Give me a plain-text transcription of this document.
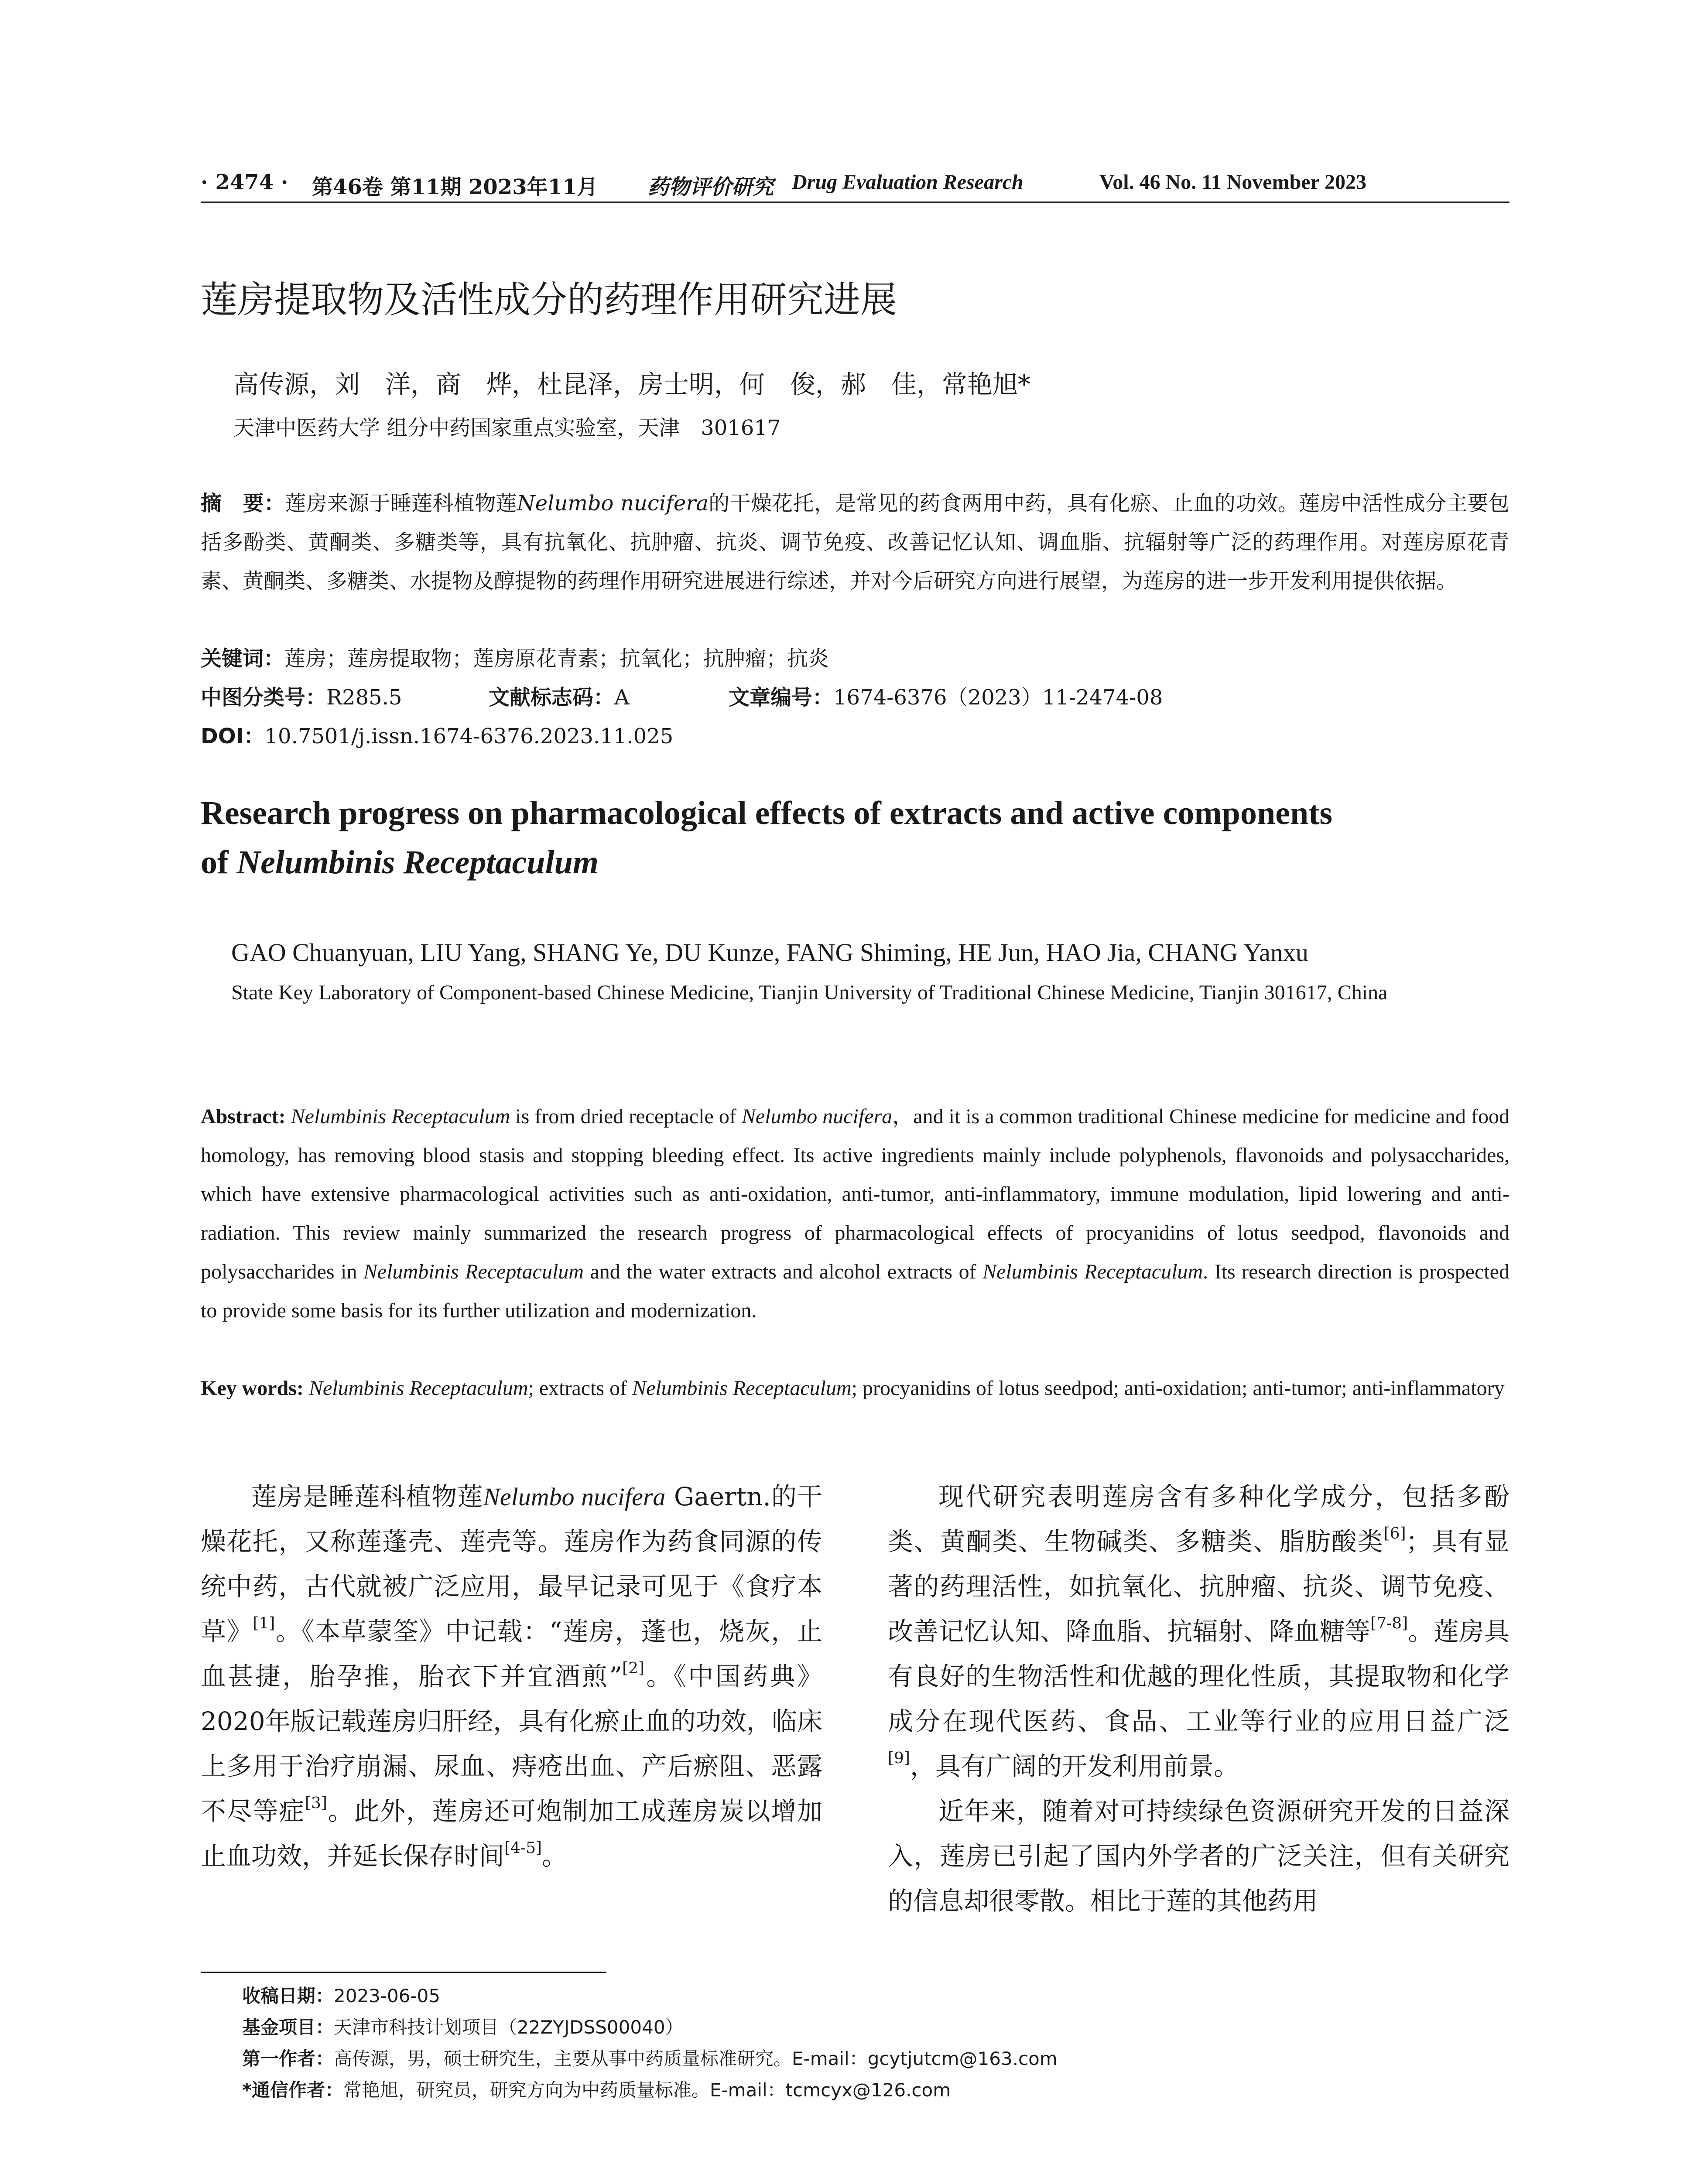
· 2474 · 第46卷 第11期 2023年11月 药物评价研究 Drug Evaluation Research	Vol. 46 No. 11 November 2023
莲房提取物及活性成分的药理作用研究进展
高传源，刘　洋，商　烨，杜昆泽，房士明，何　俊，郝　佳，常艳旭*
天津中医药大学 组分中药国家重点实验室，天津　301617
摘　要：莲房来源于睡莲科植物莲Nelumbo nucifera的干燥花托，是常见的药食两用中药，具有化瘀、止血的功效。莲房中活性成分主要包括多酚类、黄酮类、多糖类等，具有抗氧化、抗肿瘤、抗炎、调节免疫、改善记忆认知、调血脂、抗辐射等广泛的药理作用。对莲房原花青素、黄酮类、多糖类、水提物及醇提物的药理作用研究进展进行综述，并对今后研究方向进行展望，为莲房的进一步开发利用提供依据。
关键词：莲房；莲房提取物；莲房原花青素；抗氧化；抗肿瘤；抗炎
中图分类号：R285.5	文献标志码：A	文章编号：1674-6376（2023）11-2474-08
DOI：10.7501/j.issn.1674-6376.2023.11.025
Research progress on pharmacological effects of extracts and active components
of Nelumbinis Receptaculum
GAO Chuanyuan, LIU Yang, SHANG Ye, DU Kunze, FANG Shiming, HE Jun, HAO Jia, CHANG Yanxu
State Key Laboratory of Component-based Chinese Medicine, Tianjin University of Traditional Chinese Medicine, Tianjin 301617, China
Abstract: Nelumbinis Receptaculum is from dried receptacle of Nelumbo nucifera，and it is a common traditional Chinese medicine for medicine and food homology, has removing blood stasis and stopping bleeding effect. Its active ingredients mainly include polyphenols, flavonoids and polysaccharides, which have extensive pharmacological activities such as anti-oxidation, anti-tumor, anti-inflammatory, immune modulation, lipid lowering and anti-radiation. This review mainly summarized the research progress of pharmacological effects of procyanidins of lotus seedpod, flavonoids and polysaccharides in Nelumbinis Receptaculum and the water extracts and alcohol extracts of Nelumbinis Receptaculum. Its research direction is prospected to provide some basis for its further utilization and modernization.
Key words: Nelumbinis Receptaculum; extracts of Nelumbinis Receptaculum; procyanidins of lotus seedpod; anti-oxidation; anti-tumor; anti-inflammatory

莲房是睡莲科植物莲Nelumbo nucifera Gaertn.的干燥花托，又称莲蓬壳、莲壳等。莲房作为药食同源的传统中药，古代就被广泛应用，最早记录可见于《食疗本草》[1]。《本草蒙筌》中记载：“莲房，蓬也，烧灰，止血甚捷，胎孕推，胎衣下并宜酒煎”[2]。《中国药典》2020年版记载莲房归肝经，具有化瘀止血的功效，临床上多用于治疗崩漏、尿血、痔疮出血、产后瘀阻、恶露不尽等症[3]。此外，莲房还可炮制加工成莲房炭以增加止血功效，并延长保存时间[4-5]。

现代研究表明莲房含有多种化学成分，包括多酚类、黄酮类、生物碱类、多糖类、脂肪酸类[6]；具有显著的药理活性，如抗氧化、抗肿瘤、抗炎、调节免疫、改善记忆认知、降血脂、抗辐射、降血糖等[7-8]。莲房具有良好的生物活性和优越的理化性质，其提取物和化学成分在现代医药、食品、工业等行业的应用日益广泛[9]，具有广阔的开发利用前景。

近年来，随着对可持续绿色资源研究开发的日益深入，莲房已引起了国内外学者的广泛关注，但有关研究的信息却很零散。相比于莲的其他药用

收稿日期：2023-06-05
基金项目：天津市科技计划项目（22ZYJDSS00040）
第一作者：高传源，男，硕士研究生，主要从事中药质量标准研究。E-mail：gcytjutcm@163.com
*通信作者：常艳旭，研究员，研究方向为中药质量标准。E-mail：tcmcyx@126.com
